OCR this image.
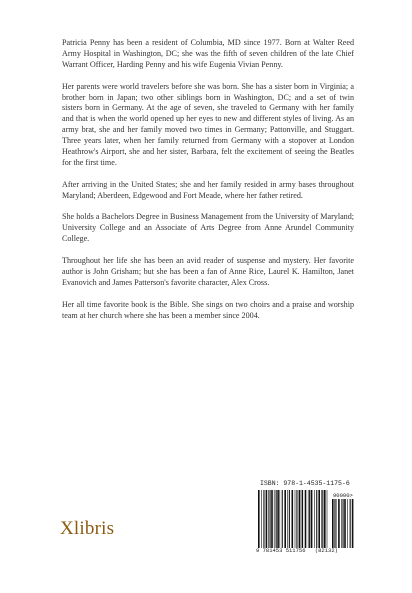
Patricia Penny has been a resident of Columbia, MD since 1977. Born at Walter Reed Army Hospital in Washington, DC; she was the fifth of seven children of the late Chief Warrant Officer, Harding Penny and his wife Eugenia Vivian Penny.

Her parents were world travelers before she was born. She has a sister born in Virginia; a brother born in Japan; two other siblings born in Washington, DC; and a set of twin sisters born in Germany. At the age of seven, she traveled to Germany with her family and that is when the world opened up her eyes to new and different styles of living. As an army brat, she and her family moved two times in Germany; Pattonville, and Stuggart. Three years later, when her family returned from Germany with a stopover at London Heathrow's Airport, she and her sister, Barbara, felt the excitement of seeing the Beatles for the first time.

After arriving in the United States; she and her family resided in army bases throughout Maryland; Aberdeen, Edgewood and Fort Meade, where her father retired.

She holds a Bachelors Degree in Business Management from the University of Maryland; University College and an Associate of Arts Degree from Anne Arundel Community College.

Throughout her life she has been an avid reader of suspense and mystery. Her favorite author is John Grisham; but she has been a fan of Anne Rice, Laurel K. Hamilton, Janet Evanovich and James Patterson's favorite character, Alex Cross.

Her all time favorite book is the Bible. She sings on two choirs and a praise and worship team at her church where she has been a member since 2004.

Xlibris
ISBN: 978-1-4535-1175-6
90000>
9 781453 511756 (82132)
